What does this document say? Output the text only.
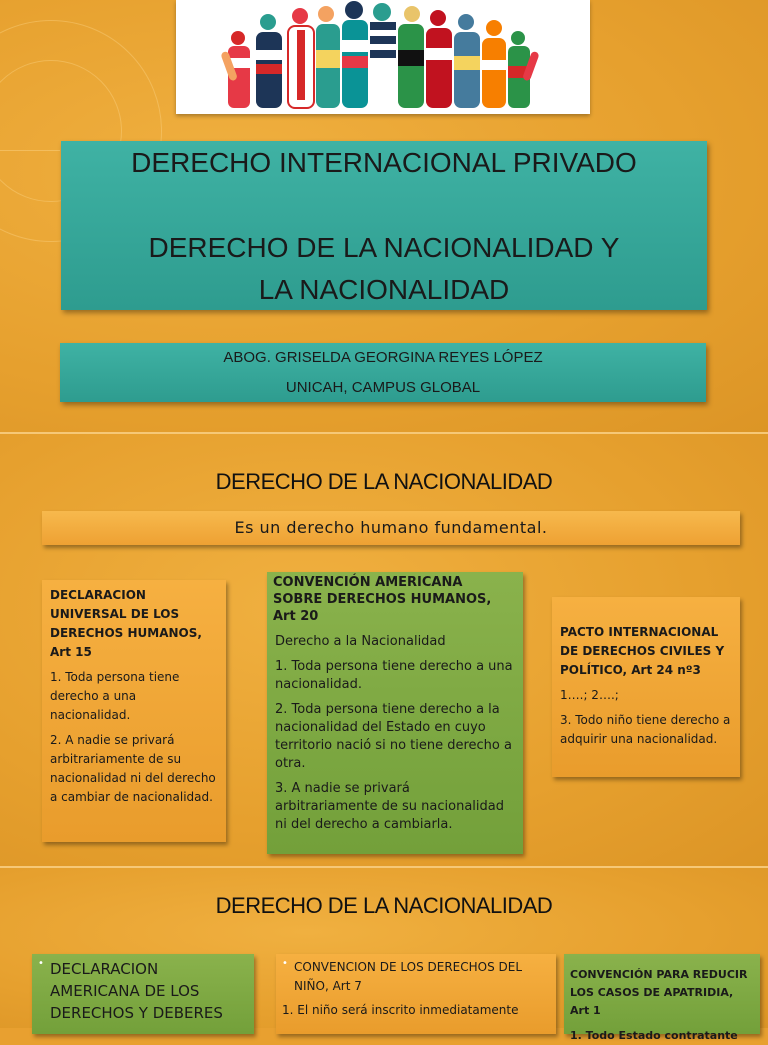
DERECHO INTERNACIONAL PRIVADO
DERECHO DE LA NACIONALIDAD Y
LA NACIONALIDAD
ABOG. GRISELDA GEORGINA REYES LÓPEZ
UNICAH, CAMPUS GLOBAL
DERECHO DE LA NACIONALIDAD
Es un derecho humano fundamental.
DECLARACION UNIVERSAL DE LOS DERECHOS HUMANOS, Art 15

1. Toda persona tiene derecho a una nacionalidad.

2. A nadie se privará arbitrariamente de su nacionalidad ni del derecho a cambiar de nacionalidad.

CONVENCIÓN AMERICANA SOBRE DERECHOS HUMANOS, Art 20

Derecho a la Nacionalidad

1. Toda persona tiene derecho a una nacionalidad.

2. Toda persona tiene derecho a la nacionalidad del Estado en cuyo territorio nació si no tiene derecho a otra.

3. A nadie se privará arbitrariamente de su nacionalidad ni del derecho a cambiarla.

PACTO INTERNACIONAL DE DERECHOS CIVILES Y POLÍTICO, Art 24 nº3

1….; 2….;

3. Todo niño tiene derecho a adquirir una nacionalidad.

DERECHO DE LA NACIONALIDAD
• DECLARACION AMERICANA DE LOS DERECHOS Y DEBERES
• CONVENCION DE LOS DERECHOS DEL NIÑO, Art 7

1. El niño será inscrito inmediatamente

CONVENCIÓN PARA REDUCIR LOS CASOS DE APATRIDIA, Art 1

1. Todo Estado contratante
